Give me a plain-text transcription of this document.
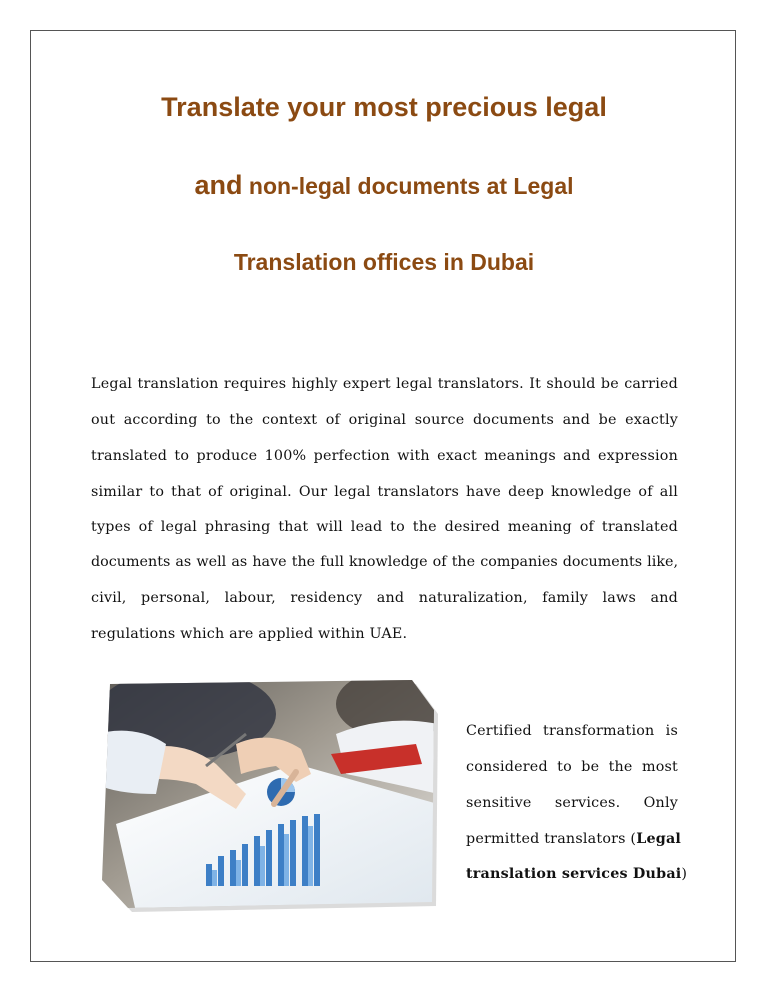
Translate your most precious legal
and non-legal documents at Legal
Translation offices in Dubai
Legal translation requires highly expert legal translators. It should be carried
out according to the context of original source documents and be exactly
translated to produce 100% perfection with exact meanings and expression
similar to that of original. Our legal translators have deep knowledge of all
types of legal phrasing that will lead to the desired meaning of translated
documents as well as have the full knowledge of the companies documents like,
civil, personal, labour, residency and naturalization, family laws and
regulations which are applied within UAE.
Certified transformation is
considered to be the most
sensitive services. Only
permitted translators (Legal
translation services Dubai)
